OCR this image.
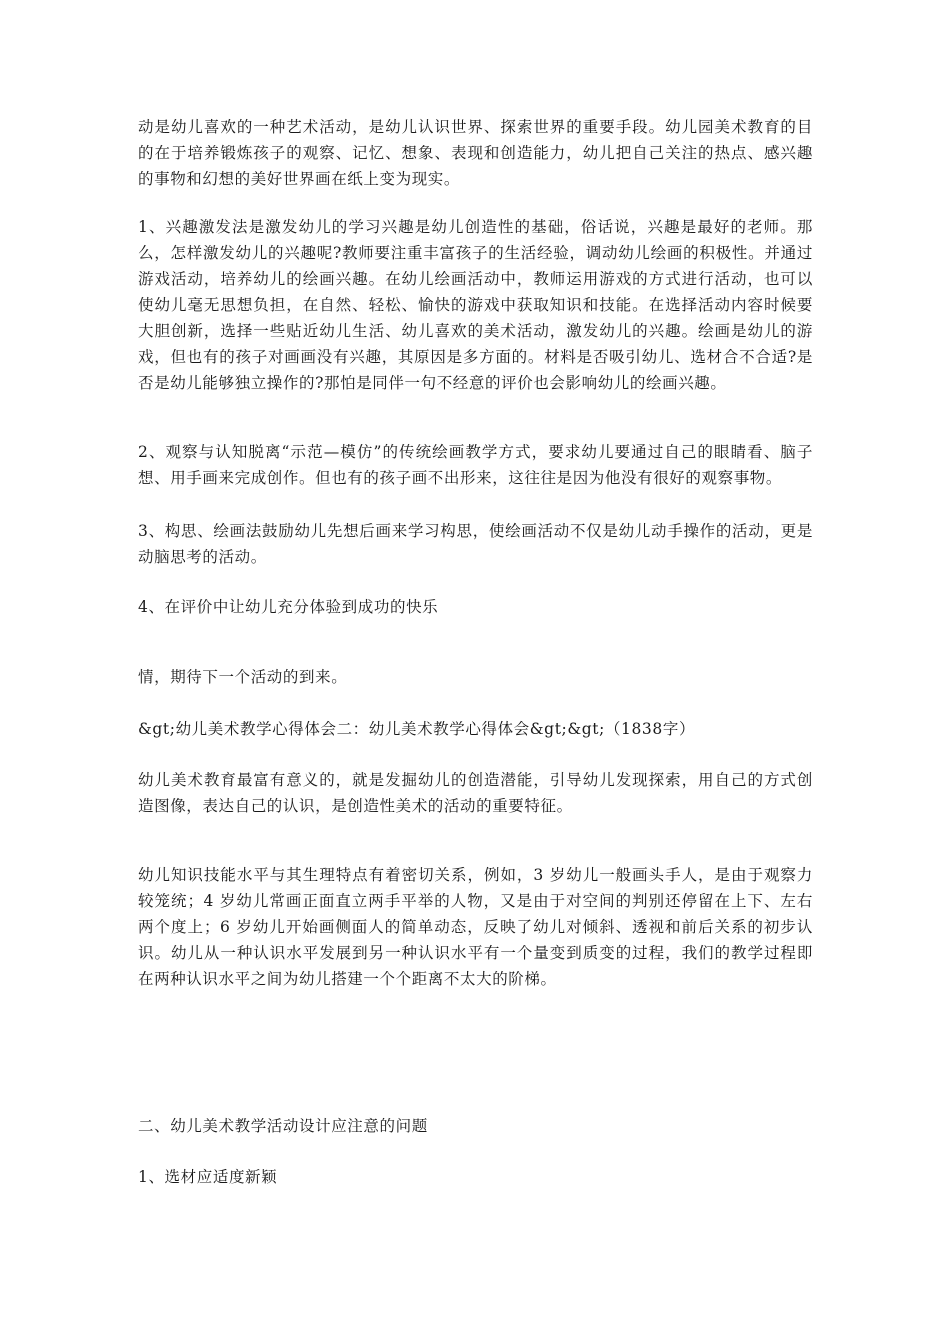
动是幼儿喜欢的一种艺术活动，是幼儿认识世界、探索世界的重要手段。幼儿园美术教育的目的在于培养锻炼孩子的观察、记忆、想象、表现和创造能力，幼儿把自己关注的热点、感兴趣的事物和幻想的美好世界画在纸上变为现实。

1、兴趣激发法是激发幼儿的学习兴趣是幼儿创造性的基础，俗话说，兴趣是最好的老师。那么，怎样激发幼儿的兴趣呢?教师要注重丰富孩子的生活经验，调动幼儿绘画的积极性。并通过游戏活动，培养幼儿的绘画兴趣。在幼儿绘画活动中，教师运用游戏的方式进行活动，也可以使幼儿毫无思想负担，在自然、轻松、愉快的游戏中获取知识和技能。在选择活动内容时候要大胆创新，选择一些贴近幼儿生活、幼儿喜欢的美术活动，激发幼儿的兴趣。绘画是幼儿的游戏，但也有的孩子对画画没有兴趣，其原因是多方面的。材料是否吸引幼儿、选材合不合适?是否是幼儿能够独立操作的?那怕是同伴一句不经意的评价也会影响幼儿的绘画兴趣。

2、观察与认知脱离“示范—模仿”的传统绘画教学方式，要求幼儿要通过自己的眼睛看、脑子想、用手画来完成创作。但也有的孩子画不出形来，这往往是因为他没有很好的观察事物。

3、构思、绘画法鼓励幼儿先想后画来学习构思，使绘画活动不仅是幼儿动手操作的活动，更是动脑思考的活动。

4、在评价中让幼儿充分体验到成功的快乐

情，期待下一个活动的到来。

&gt;幼儿美术教学心得体会二：幼儿美术教学心得体会&gt;&gt;（1838字）

幼儿美术教育最富有意义的，就是发掘幼儿的创造潜能，引导幼儿发现探索，用自己的方式创造图像，表达自己的认识，是创造性美术的活动的重要特征。

幼儿知识技能水平与其生理特点有着密切关系，例如，3 岁幼儿一般画头手人，是由于观察力较笼统；4 岁幼儿常画正面直立两手平举的人物，又是由于对空间的判别还停留在上下、左右两个度上；6 岁幼儿开始画侧面人的简单动态，反映了幼儿对倾斜、透视和前后关系的初步认识。幼儿从一种认识水平发展到另一种认识水平有一个量变到质变的过程，我们的教学过程即在两种认识水平之间为幼儿搭建一个个距离不太大的阶梯。

二、幼儿美术教学活动设计应注意的问题

1、选材应适度新颖
